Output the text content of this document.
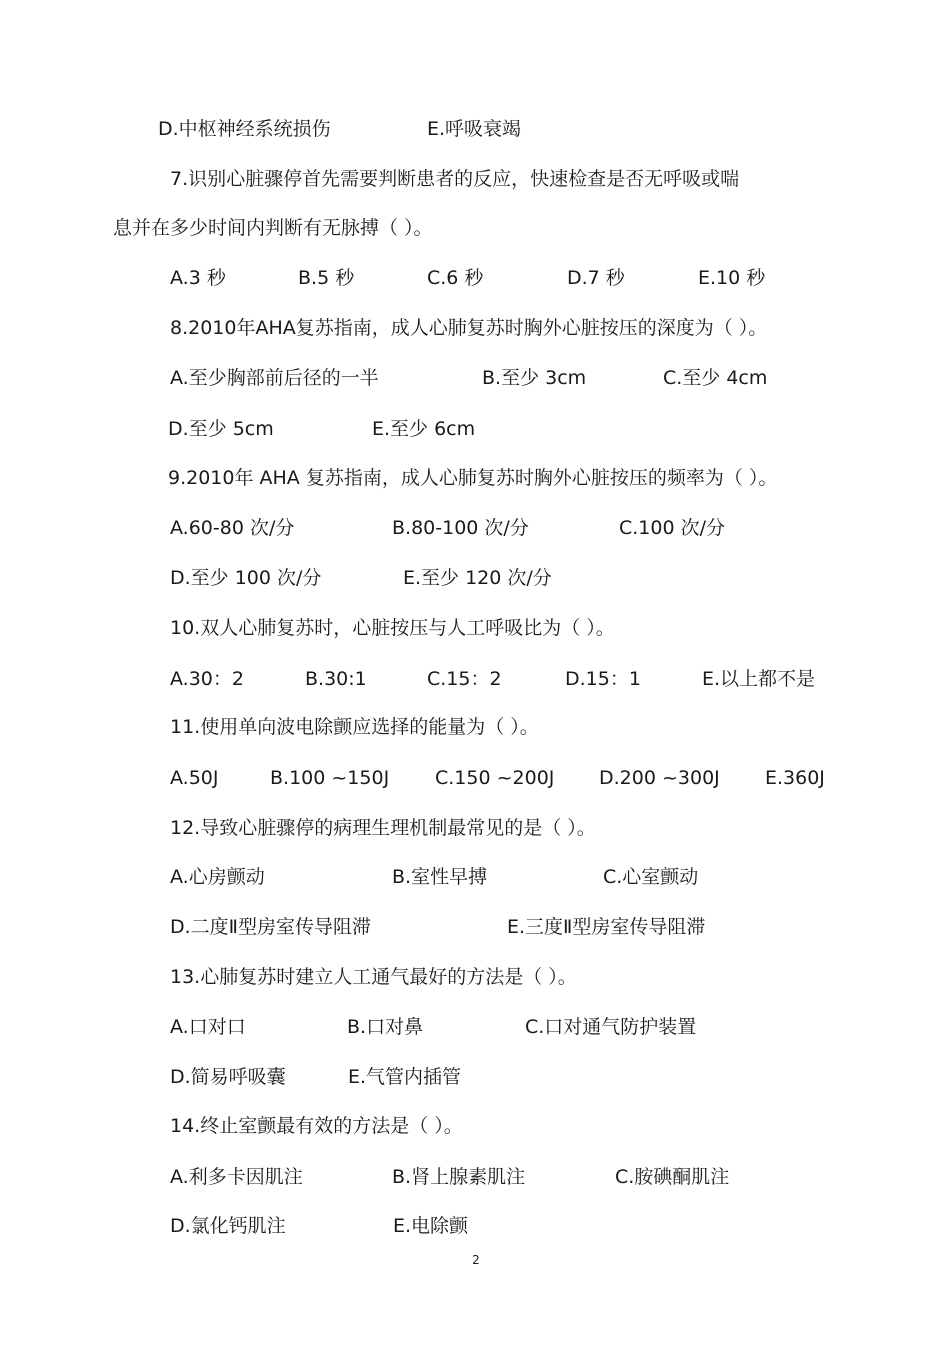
D.中枢神经系统损伤	E.呼吸衰竭
7.识别心脏骤停首先需要判断患者的反应，快速检查是否无呼吸或喘
息并在多少时间内判断有无脉搏（ ）。
A.3 秒	B.5 秒	C.6 秒	D.7 秒	E.10 秒
8.2010年AHA复苏指南，成人心肺复苏时胸外心脏按压的深度为（ ）。
A.至少胸部前后径的一半	B.至少 3cm	C.至少 4cm
D.至少 5cm	E.至少 6cm
9.2010年 AHA 复苏指南，成人心肺复苏时胸外心脏按压的频率为（ ）。
A.60-80 次/分	B.80-100 次/分	C.100 次/分
D.至少 100 次/分	E.至少 120 次/分
10.双人心肺复苏时，心脏按压与人工呼吸比为（ ）。
A.30：2	B.30:1	C.15：2	D.15：1	E.以上都不是
11.使用单向波电除颤应选择的能量为（ ）。
A.50J	B.100 ~150J C.150 ~200J D.200 ~300J E.360J
12.导致心脏骤停的病理生理机制最常见的是（ ）。
A.心房颤动	B.室性早搏	C.心室颤动
D.二度Ⅱ型房室传导阻滞	E.三度Ⅱ型房室传导阻滞
13.心肺复苏时建立人工通气最好的方法是（ ）。
A.口对口	B.口对鼻	C.口对通气防护装置
D.简易呼吸囊	E.气管内插管
14.终止室颤最有效的方法是（ ）。
A.利多卡因肌注	B.肾上腺素肌注	C.胺碘酮肌注
D.氯化钙肌注	E.电除颤
2
